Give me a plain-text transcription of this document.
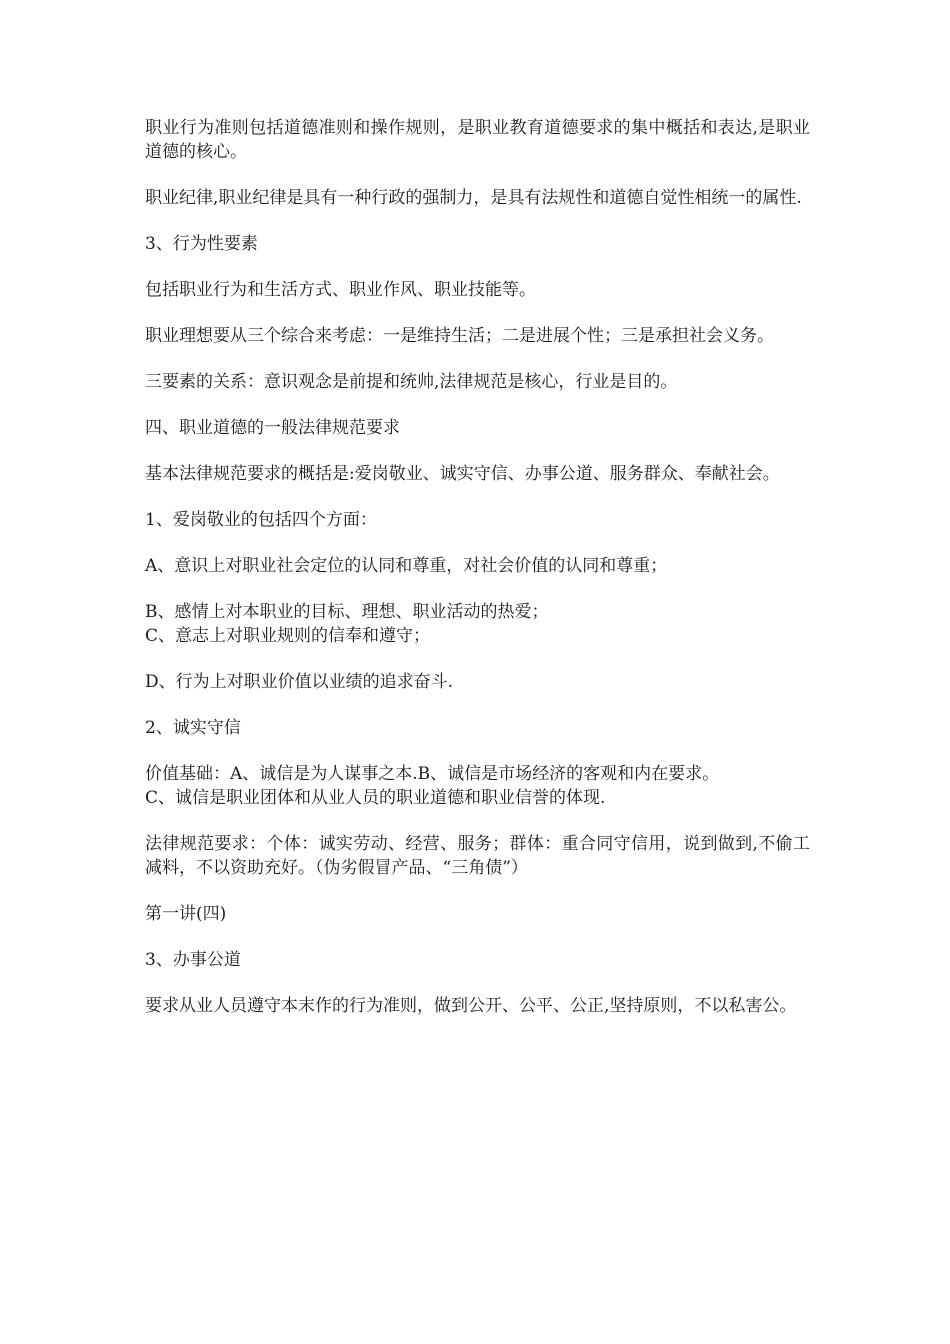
职业行为准则包括道德准则和操作规则，是职业教育道德要求的集中概括和表达,是职业道德的核心。

职业纪律,职业纪律是具有一种行政的强制力，是具有法规性和道德自觉性相统一的属性.

3、行为性要素

包括职业行为和生活方式、职业作风、职业技能等。

职业理想要从三个综合来考虑：一是维持生活；二是进展个性；三是承担社会义务。

三要素的关系：意识观念是前提和统帅,法律规范是核心，行业是目的。

四、职业道德的一般法律规范要求

基本法律规范要求的概括是:爱岗敬业、诚实守信、办事公道、服务群众、奉献社会。

1、爱岗敬业的包括四个方面：

A、意识上对职业社会定位的认同和尊重，对社会价值的认同和尊重；

B、感情上对本职业的目标、理想、职业活动的热爱；

C、意志上对职业规则的信奉和遵守；

D、行为上对职业价值以业绩的追求奋斗.

2、诚实守信

价值基础：A、诚信是为人谋事之本.B、诚信是市场经济的客观和内在要求。

C、诚信是职业团体和从业人员的职业道德和职业信誉的体现.

法律规范要求：个体：诚实劳动、经营、服务；群体：重合同守信用，说到做到,不偷工减料，不以资助充好。（伪劣假冒产品、“三角债”）

第一讲(四)

3、办事公道

要求从业人员遵守本末作的行为准则，做到公开、公平、公正,坚持原则，不以私害公。
